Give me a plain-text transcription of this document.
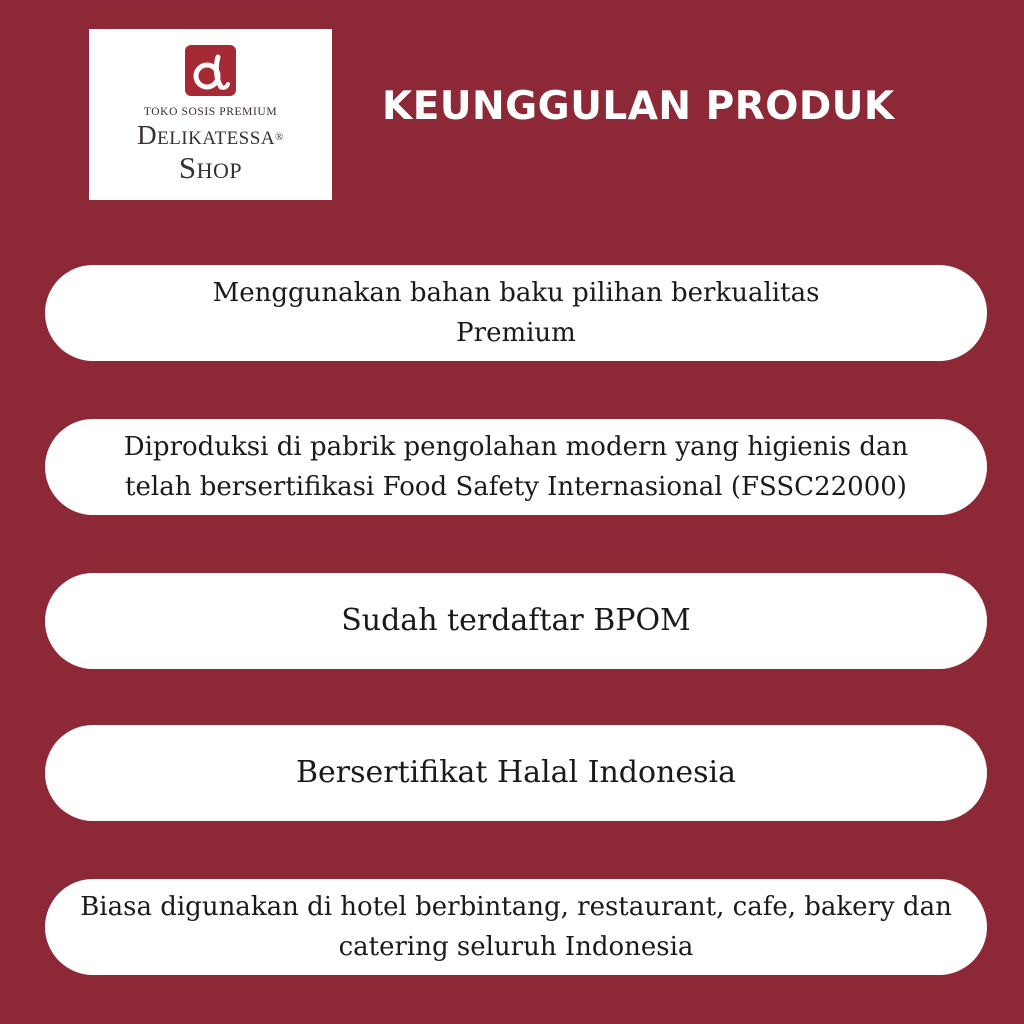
TOKO SOSIS PREMIUM
Delikatessa®
Shop
KEUNGGULAN PRODUK
Menggunakan bahan baku pilihan berkualitas
Premium
Diproduksi di pabrik pengolahan modern yang higienis dan
telah bersertifikasi Food Safety Internasional (FSSC22000)
Sudah terdaftar BPOM
Bersertifikat Halal Indonesia
Biasa digunakan di hotel berbintang, restaurant, cafe, bakery dan
catering seluruh Indonesia
